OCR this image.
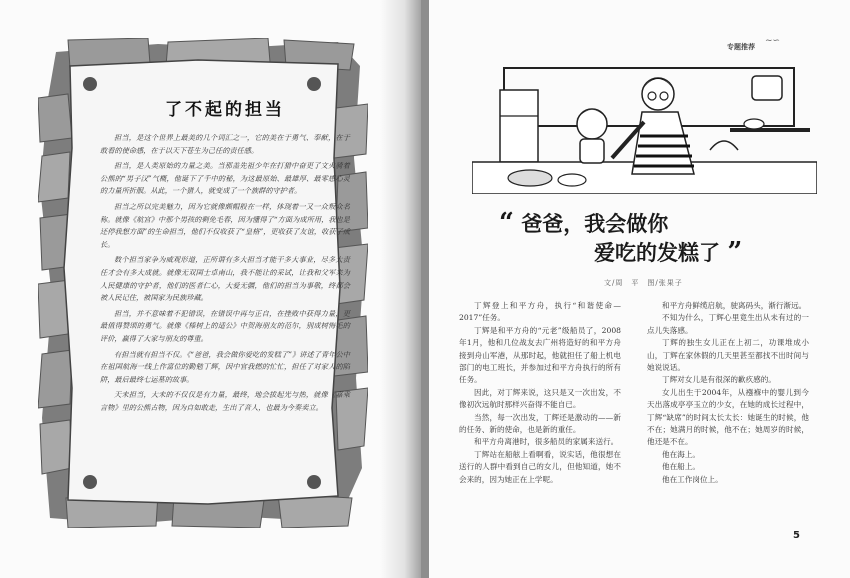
了不起的担当

担当，是这个世界上最美的几个词汇之一，它的美在于勇气、奉献，在于敢看的使命感，在于以天下苍生为己任的责任感。

担当，是人类原始的力量之美。当那盖先祖少年在打猎中奋更了文火骑着公熊的“男子汉”气概，他诞下了千中的秘，为这最原始、最雄厚、最零感心灵的力量所折服。从此，一个猎人，就变成了一个族群的守护者。

担当之所以完美魅力，因为它就像颇帽般在一样，体现着一又一众叛众名称。就像《航宫》中那个男孩的剩免毛春，因为懂得了“方面为成所用，我也是还停我想方面”的生命担当，他们不仅收获了“皇格”，更收获了友谊，收获了成长。

数个担当家争为威观形道，正所谓有多大担当才能干多大事业，尽多大责任才会有多大成就。就像无双国士卓南山，我不能让的采试，让我和父军来为人民健康的守护者，他们的医者仁心，大爱无疆，他们的担当为事敬，终都会被人民记住，被国家为民族珍藏。

担当，并不意味着不犯错误，在错误中再与正自，在挫败中获得力量，更最值得赞颂的勇气。就像《榛树上的适公》中贺海朋友的范尔，别成树悔毛的评价，赢得了大家与朋友的尊重。

有担当就有担当不仅。《“爸爸，我会做你爱吃的发糕了”》讲述了青年公中在祖国航海一线上作富位的勤勉丁辉，因中官我燃的忙忙，担任了对家人的陷阱，最后最终七运墓的故事。

天未担当，大未的不仅仅是有力量，最终，地会拔起光与热，就像《嘉乘言物》里的公熊古物，因为自如敢走，生出了音人，也最为今奏卖立。

专题推荐
~∽
“ 爸爸，我会做你
爱吃的发糕了 ”
文/周　平　图/张果子

丁辉登上和平方舟，执行“和谐使命—2017”任务。

丁辉是和平方舟的“元老”级船员了，2008年1月，他和几位战友去广州将造好的和平方舟接到舟山军港，从那时起，他就担任了船上机电部门的电工班长，并参加过和平方舟执行的所有任务。

因此，对丁辉来说，这只是又一次出发，不像初次远航时那样兴奋得不能自已。

当然，每一次出发，丁辉还是激动的——新的任务、新的使命，也是新的重任。

和平方舟离港时，很多船员的家属来送行。

丁辉站在船舷上看啊看，说实话，他很想在送行的人群中看到自己的女儿，但他知道，她不会来的，因为她正在上学呢。

和平方舟鲜缆启航，驶离码头，渐行渐远。

不知为什么，丁辉心里竟生出从未有过的一点儿失落感。

丁辉的独生女儿正在上初二，功课堆成小山，丁辉在家休假的几天里甚至都找不出时间与她说说话。

丁辉对女儿是有很深的歉疚感的。

女儿出生于2004年，从襁褓中的婴儿到今天出落成亭亭玉立的少女，在她的成长过程中，丁辉“缺席”的时间太长太长：她诞生的时候，他不在；她满月的时候，他不在；她周岁的时候，他还是不在。

他在海上。

他在船上。

他在工作岗位上。

5
